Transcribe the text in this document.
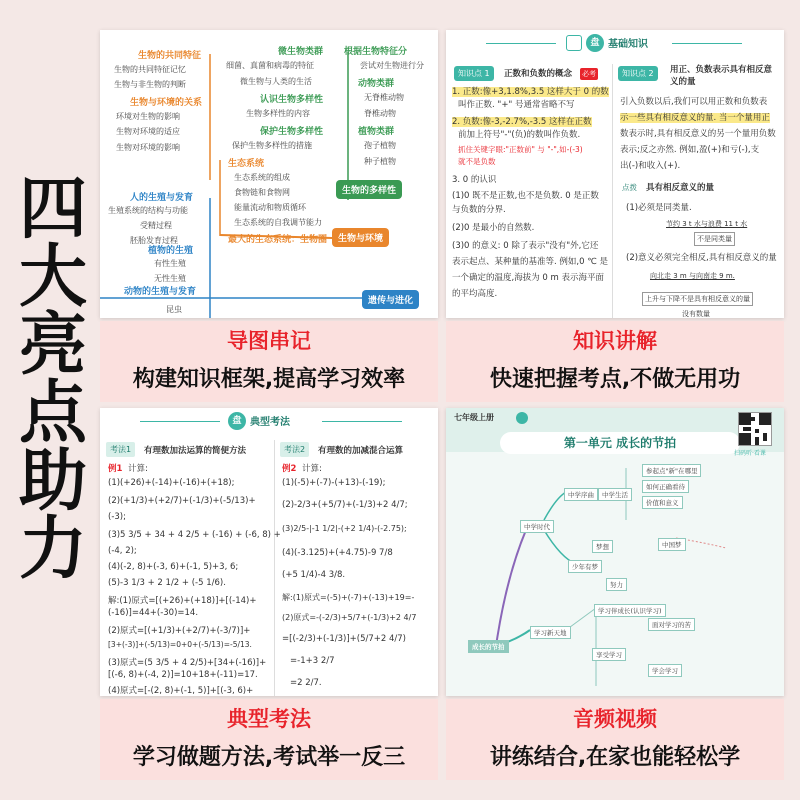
四
大
亮
点
助
力
生物的共同特征
生物的共同特征记忆
生物与非生物的判断
生物与环境的关系
环境对生物的影响
生物对环境的适应
生物对环境的影响
人的生殖与发育
生殖系统的结构与功能
受精过程
胚胎发育过程
植物的生殖
有性生殖
无性生殖
动物的生殖与发育
昆虫
微生物类群
细菌、真菌和病毒的特征
微生物与人类的生活
认识生物多样性
生物多样性的内容
保护生物多样性
保护生物多样性的措施
生态系统
生态系统的组成
食物链和食物网
能量流动和物质循环
生态系统的自我调节能力
最大的生态系统：生物圈
根据生物特征分
尝试对生物进行分
动物类群
无脊椎动物
脊椎动物
植物类群
孢子植物
种子植物
生物的多样性
生物与环境
遗传与进化
导图串记
构建知识框架,提高学习效率
盘 基础知识
知识点 1	正数和负数的概念 必考	知识点 2	用正、负数表示具有相反意义的量
1. 正数:像+3,1.8%,3.5 这样大于 0 的数
叫作正数. "+" 号通常省略不写
2. 负数:像-3,-2.7%,-3.5 这样在正数
前加上符号"-"(负)的数叫作负数.
抓住关键字眼:"正数前" 与 "-",如-(-3)
就不是负数
3. 0 的认识
(1)0 既不是正数,也不是负数. 0 是正数
与负数的分界.
(2)0 是最小的自然数.
(3)0 的意义: 0 除了表示"没有"外,它还
表示起点、某种量的基准等. 例如,0 ℃ 是
一个确定的温度,海拔为 0 m 表示海平面
的平均高度.
引入负数以后,我们可以用正数和负数表
示一些具有相反意义的量. 当一个量用正
数表示时,具有相反意义的另一个量用负数
表示;反之亦然. 例如,盈(+)和亏(-),支
出(-)和收入(+).
点拨 具有相反意义的量
(1)必须是同类量.
节约 3 t 水与浪费 11 t 水
不是同类量
(2)意义必须完全相反,具有相反意义的量
向北走 3 m 与向南走 9 m.
上升与下降不是具有相反意义的量
没有数量
知识讲解
快速把握考点,不做无用功
盘 典型考法
考法1	有理数加法运算的简便方法	考法2	有理数的加减混合运算
例1 计算:
(1)(+26)+(-14)+(-16)+(+18);
(2)(+1/3)+(+2/7)+(-1/3)+(-5/13)+
(-3);
(3)5 3/5 + 34 + 4 2/5 + (-16) + (-6, 8) +
(-4, 2);
(4)(-2, 8)+(-3, 6)+(-1, 5)+3, 6;
(5)-3 1/3 + 2 1/2 + (-5 1/6).
解:(1)原式=[(+26)+(+18)]+[(-14)+
(-16)]=44+(-30)=14.
(2)原式=[(+1/3)+(+2/7)+(-3/7)]+
[3+(-3)]+(-5/13)=0+0+(-5/13)=-5/13.
(3)原式=(5 3/5 + 4 2/5)+[34+(-16)]+
[(-6, 8)+(-4, 2)]=10+18+(-11)=17.
(4)原式=[-(2, 8)+(-1, 5)]+[(-3, 6)+
例2 计算:
(1)(-5)+(-7)-(+13)-(-19);
(2)-2/3+(+5/7)+(-1/3)+2 4/7;
(3)2/5-|-1 1/2|-(+2 1/4)-(-2.75);
(4)(-3.125)+(+4.75)-9 7/8
(+5 1/4)-4 3/8.
解:(1)原式=(-5)+(-7)+(-13)+19=-
(2)原式=-(-2/3)+5/7+(-1/3)+2 4/7
=[(-2/3)+(-1/3)]+(5/7+2 4/7)
=-1+3 2/7
=2 2/7.
典型考法
学习做题方法,考试举一反三
七年级上册
第一单元 成长的节拍
扫码听·看课
成长的节拍
中学时代
少年有梦
学习新天地
中学序曲	中学生活
梦想
努力
学习伴成长(认识学习)
享受学习
参起点"新"在哪里
如何正确看待
价值和意义
中国梦
面对学习的苦
学会学习
音频视频
讲练结合,在家也能轻松学
